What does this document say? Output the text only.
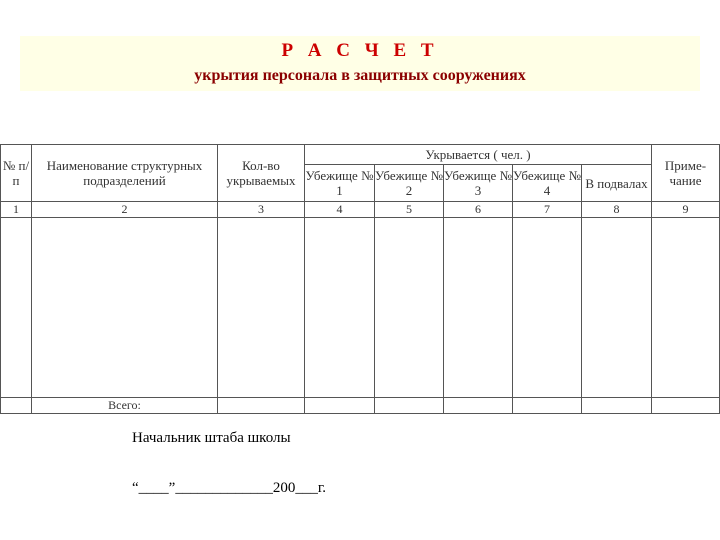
Р А С Ч Е Т
укрытия персонала в защитных сооружениях
№ п/п	Наименование структурных подразделений	Кол-во укрываемых	Укрывается ( чел. )					Приме-чание
			Убежище № 1	Убежище № 2	Убежище № 3	Убежище № 4	В подвалах	
1	2	3	4	5	6	7	8	9

	Всего:							
Начальник штаба школы
“____”_____________200___г.
